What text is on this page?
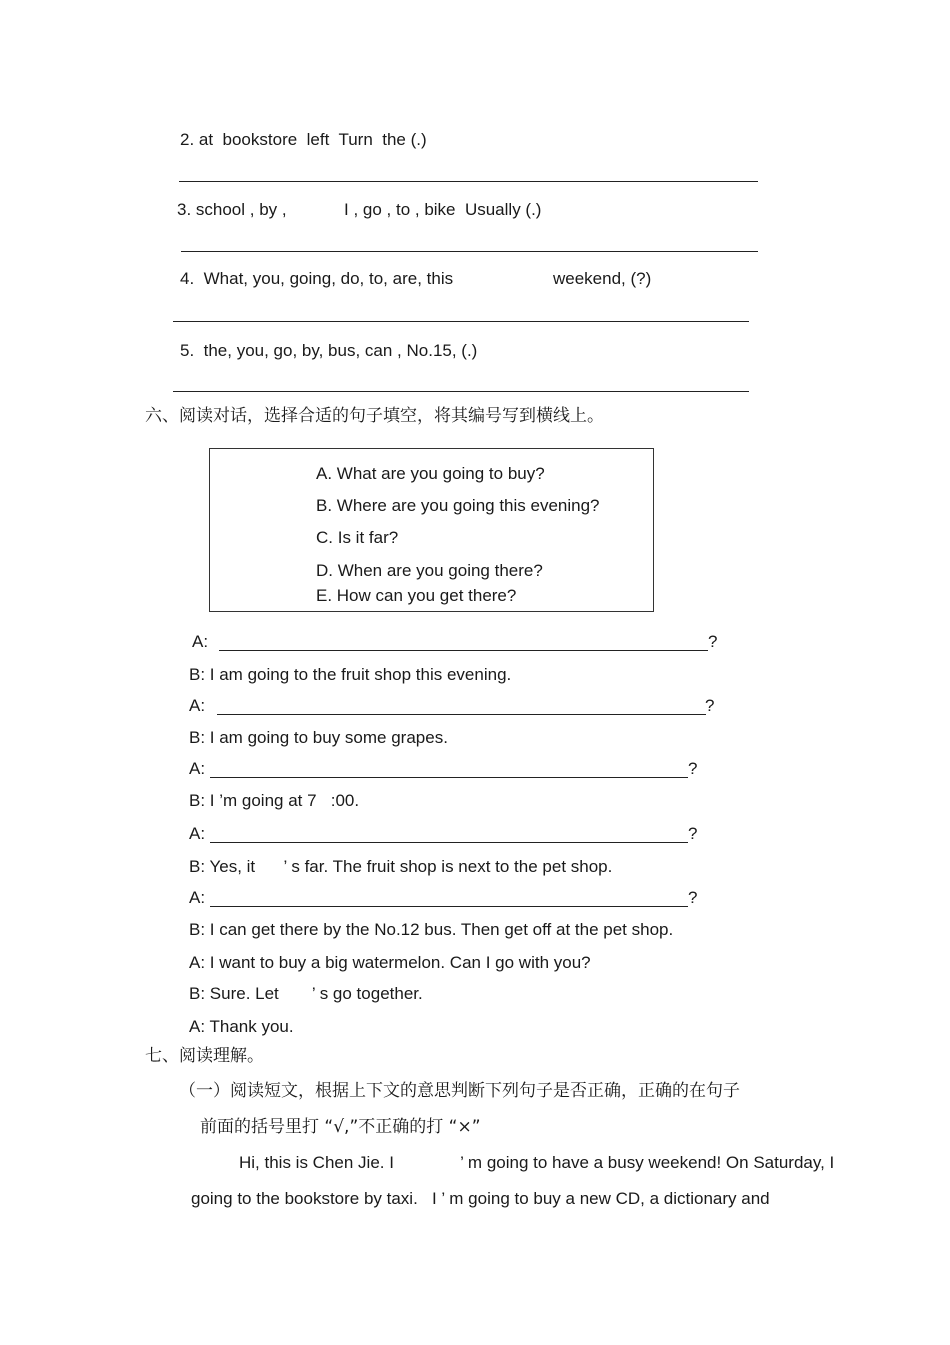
2. at  bookstore  left  Turn  the (.)
3. school , by ,	I , go , to , bike  Usually (.)
4.  What, you, going, do, to, are, this	weekend, (?)
5.  the, you, go, by, bus, can , No.15, (.)
六、阅读对话，选择合适的句子填空，将其编号写到横线上。
A. What are you going to buy?
B. Where are you going this evening?
C. Is it far?
D. When are you going there?
E. How can you get there?
A:	?
B: I am going to the fruit shop this evening.
A:	?
B: I am going to buy some grapes.
A:	?
B: I ’m going at 7   :00.
A:	?
B: Yes, it      ’ s far. The fruit shop is next to the pet shop.
A:	?
B: I can get there by the No.12 bus. Then get off at the pet shop.
A: I want to buy a big watermelon. Can I go with you?
B: Sure. Let       ’ s go together.
A: Thank you.
七、阅读理解。
（一）阅读短文，根据上下文的意思判断下列句子是否正确，正确的在句子
前面的括号里打 “√,”不正确的打 “×”
Hi, this is Chen Jie. I              ’ m going to have a busy weekend! On Saturday, I
going to the bookstore by taxi.   I ’ m going to buy a new CD, a dictionary and
